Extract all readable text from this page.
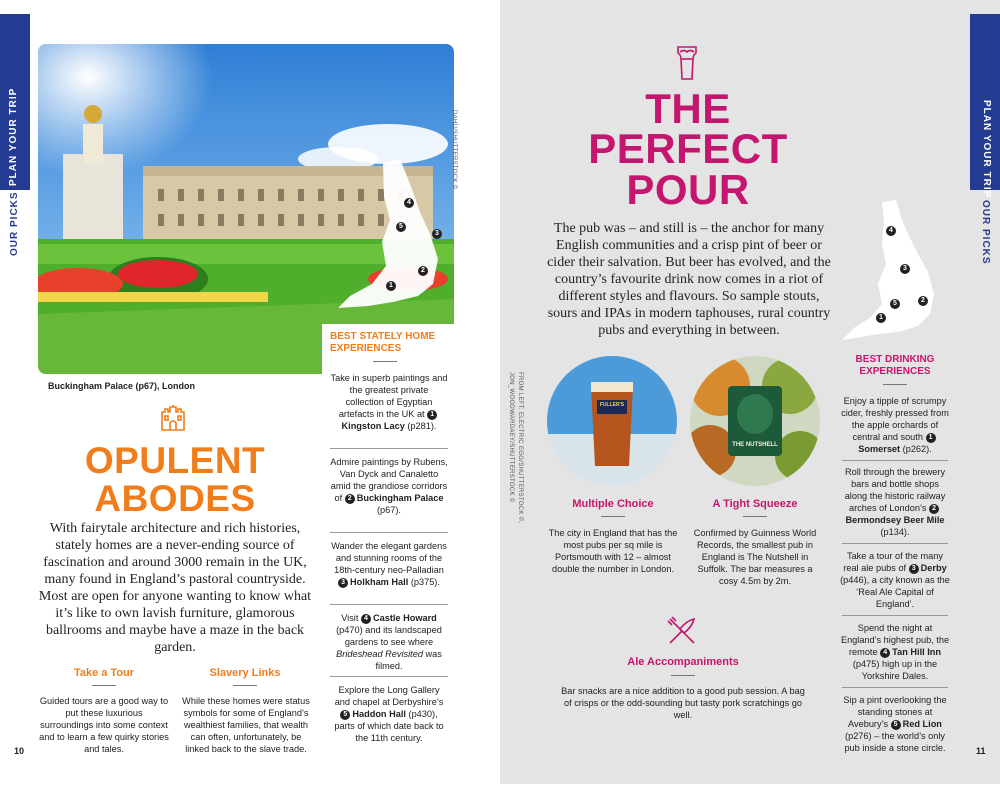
PLAN YOUR TRIP
OUR PICKS	4
5
3
2
1
DAHU/SHUTTERSTOCK ©
Buckingham Palace (p67), London
OPULENT
ABODES
With fairytale architecture and rich histories, stately homes are a never-ending source of fascination and around 3000 remain in the UK, many found in England’s pastoral countryside. Most are open for anyone wanting to know what it’s like to own lavish furniture, glamorous ballrooms and maybe have a maze in the back garden.
Take a Tour
Guided tours are a good way to put these luxurious surroundings into some context and to learn a few quirky stories and tales.
Slavery Links
While these homes were status symbols for some of England’s wealthiest families, that wealth can often, unfortunately, be linked back to the slave trade.
BEST STATELY HOME EXPERIENCES
Take in superb paintings and the greatest private collection of Egyptian artefacts in the UK at 1Kingston Lacy (p281).
Admire paintings by Rubens, Van Dyck and Canaletto amid the grandiose corridors of 2 Buckingham Palace (p67).
Wander the elegant gardens and stunning rooms of the 18th-century neo-Palladian 3 Holkham Hall (p375).
Visit 4 Castle Howard (p470) and its landscaped gardens to see where Brideshead Revisited was filmed.
Explore the Long Gallery and chapel at Derbyshire’s 5 Haddon Hall (p430), parts of which date back to the 11th century.
10
PLAN YOUR TRIP
OUR PICKS
THE
PERFECT
POUR
The pub was – and still is – the anchor for many English communities and a crisp pint of beer or cider their salvation. But beer has evolved, and the country’s favourite drink now comes in a riot of different styles and flavours. So sample stouts, sours and IPAs in modern taphouses, rural country pubs and everything in between.
4
3
5	2
1
FROM LEFT: ELECTRIC EGG/SHUTTERSTOCK ©,
JON_WOODWARDAEY/SHUTTERSTOCK ©	FULLER'S
THE NUTSHELL
Multiple Choice
The city in England that has the most pubs per sq mile is Portsmouth with 12 – almost double the number in London.
A Tight Squeeze
Confirmed by Guinness World Records, the smallest pub in England is The Nutshell in Suffolk. The bar measures a cosy 4.5m by 2m.
Ale Accompaniments
Bar snacks are a nice addition to a good pub session. A bag of crisps or the odd-sounding but tasty pork scratchings go well.
BEST DRINKING EXPERIENCES
Enjoy a tipple of scrumpy cider, freshly pressed from the apple orchards of central and south 1Somerset (p262).
Roll through the brewery bars and bottle shops along the historic railway arches of London’s 2Bermondsey Beer Mile (p134).
Take a tour of the many real ale pubs of 3 Derby (p446), a city known as the ‘Real Ale Capital of England’.
Spend the night at England’s highest pub, the remote 4 Tan Hill Inn (p475) high up in the Yorkshire Dales.
Sip a pint overlooking the standing stones at Avebury’s 5 Red Lion (p276) – the world’s only pub inside a stone circle.	11
